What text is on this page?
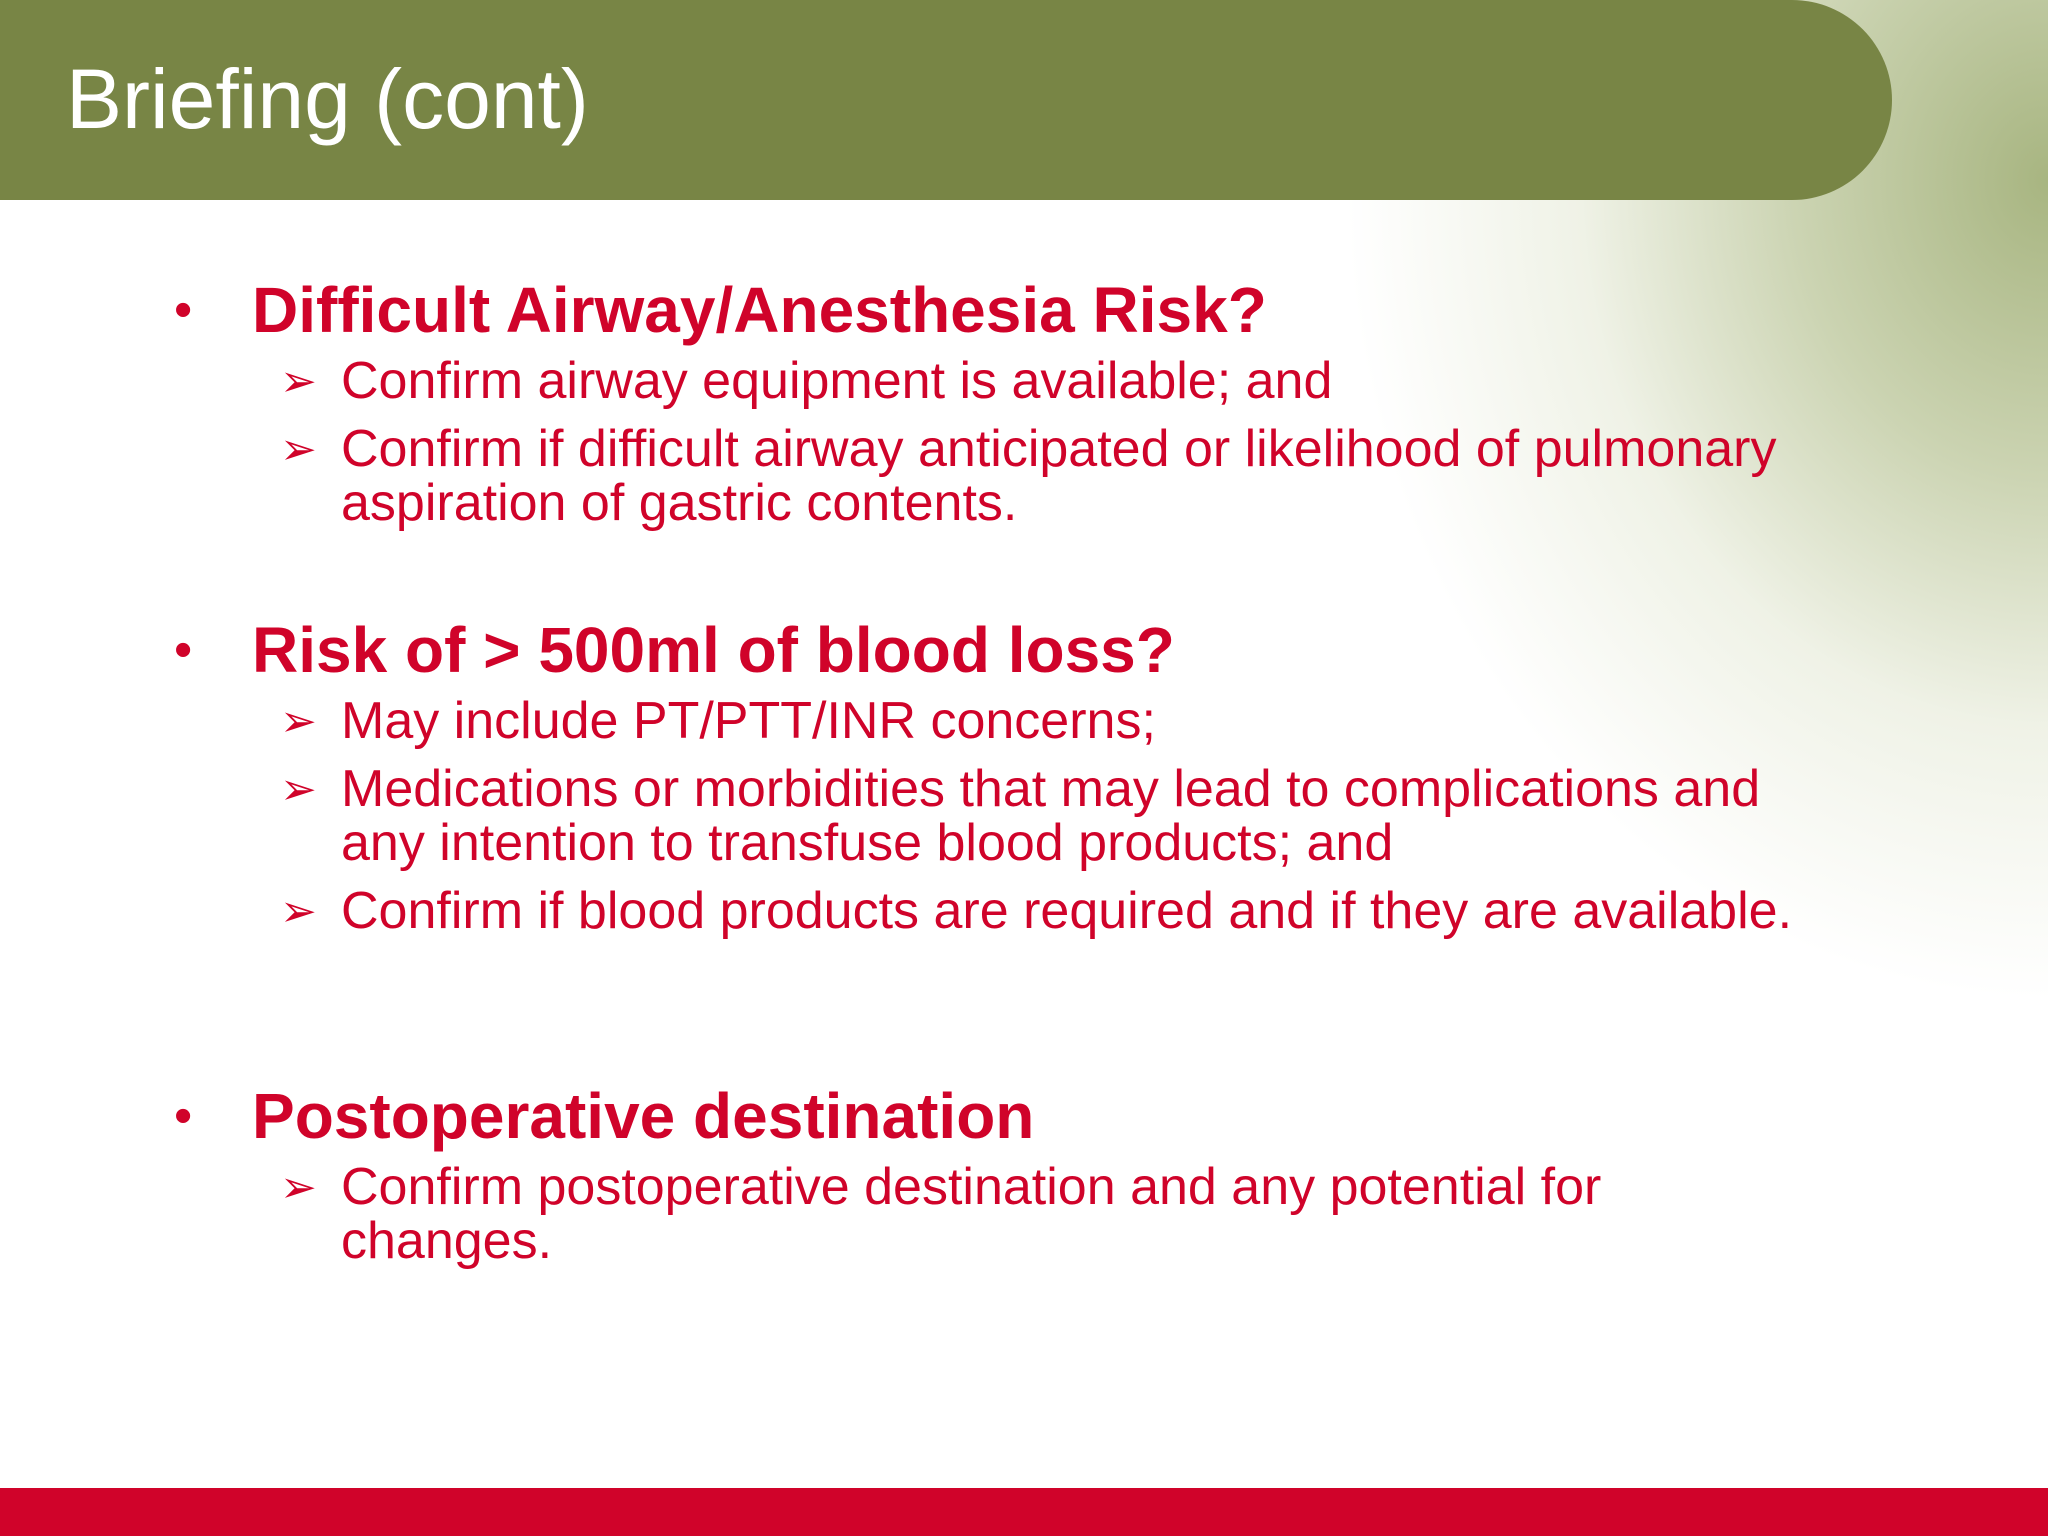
Briefing (cont)
• Difficult Airway/Anesthesia Risk?
➢ Confirm airway equipment is available; and
➢ Confirm if difficult airway anticipated or likelihood of pulmonary aspiration of gastric contents.
• Risk of > 500ml of blood loss?
➢ May include PT/PTT/INR concerns;
➢ Medications or morbidities that may lead to complications and any intention to transfuse blood products; and
➢ Confirm if blood products are required and if they are available.
• Postoperative destination
➢ Confirm postoperative destination and any potential for changes.
